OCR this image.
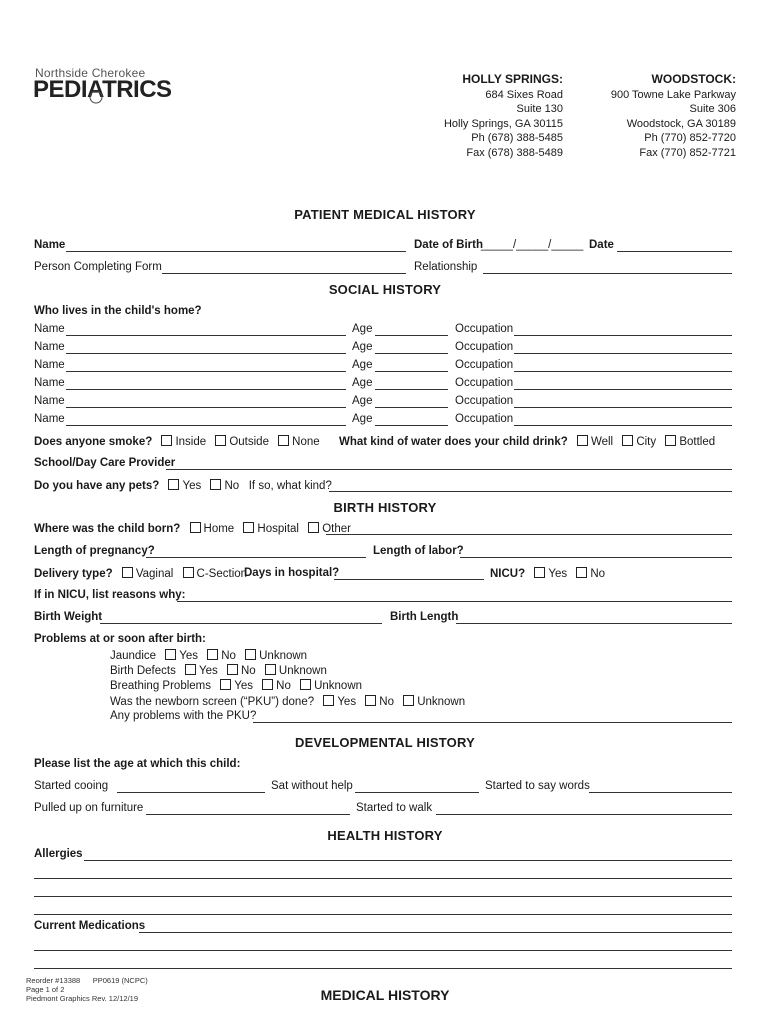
Northside Cherokee
PEDIATRICS	HOLLY SPRINGS:
684 Sixes Road
Suite 130
Holly Springs, GA 30115
Ph (678) 388-5485
Fax (678) 388-5489
WOODSTOCK:
900 Towne Lake Parkway
Suite 306
Woodstock, GA 30189
Ph (770) 852-7720
Fax (770) 852-7721
PATIENT MEDICAL HISTORY
Name	Date of Birth
_____/_____/_____ Date
Person Completing Form	Relationship
SOCIAL HISTORY
Who lives in the child's home?
Name	Age	Occupation
Name	Age	Occupation
Name	Age	Occupation
Name	Age	Occupation
Name	Age	Occupation
Name	Age	Occupation
Does anyone smoke? Inside Outside None What kind of water does your child drink? Well City Bottled
School/Day Care Provider
Do you have any pets? Yes No If so, what kind?
BIRTH HISTORY
Where was the child born? Home Hospital Other
Length of pregnancy?	Length of labor?
Delivery type? Vaginal C-Section
Days in hospital?	NICU? Yes No
If in NICU, list reasons why:
Birth Weight	Birth Length
Problems at or soon after birth:
Jaundice Yes No Unknown
Birth Defects Yes No Unknown
Breathing Problems Yes No Unknown
Was the newborn screen (“PKU”) done? Yes No Unknown
Any problems with the PKU?
DEVELOPMENTAL HISTORY
Please list the age at which this child:
Started cooing	Sat without help	Started to say words
Pulled up on furniture	Started to walk
HEALTH HISTORY
Allergies
Current Medications
Reorder #13388 PP0619 (NCPC)
Page 1 of 2
Piedmont Graphics Rev. 12/12/19	MEDICAL HISTORY
